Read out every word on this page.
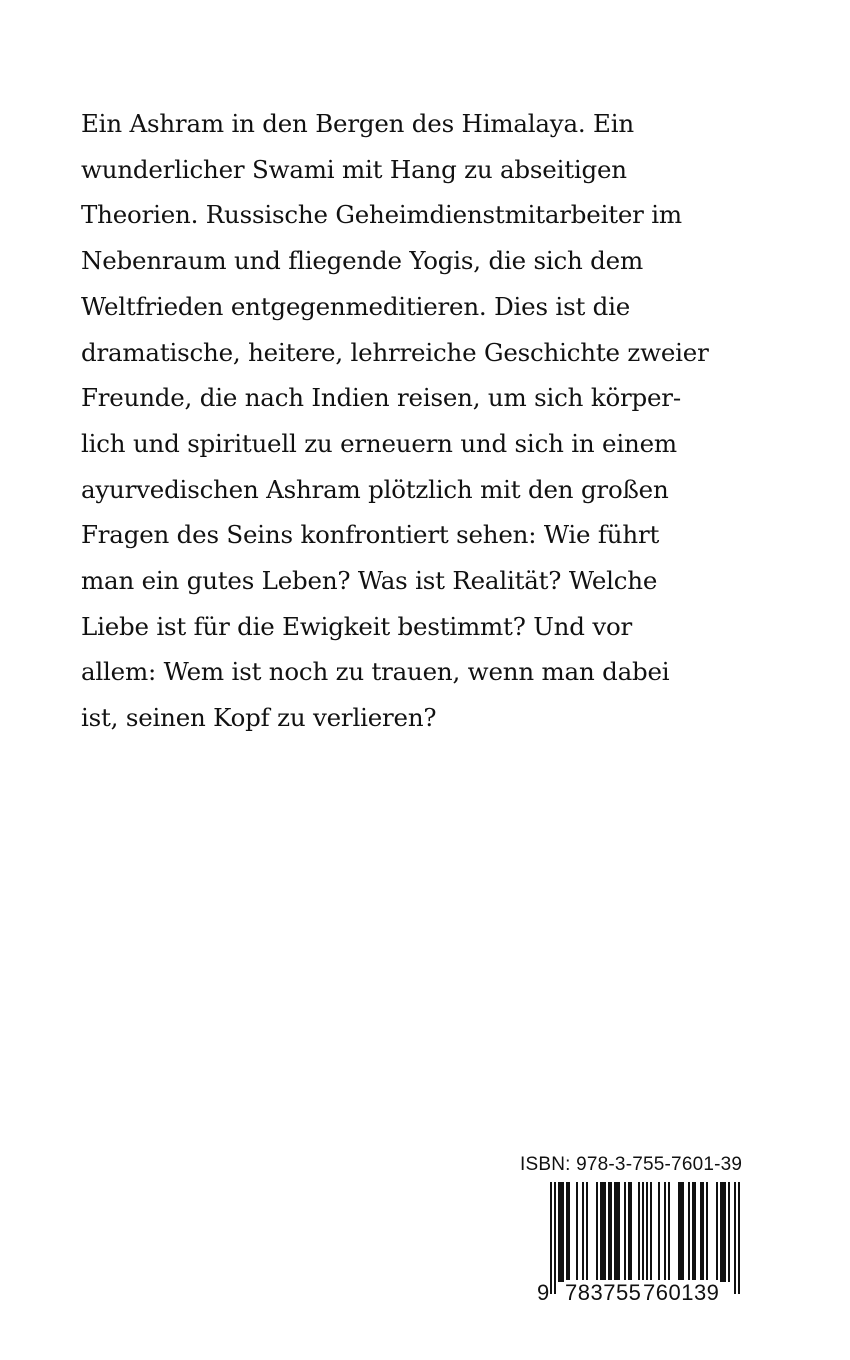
Ein Ashram in den Bergen des Himalaya. Ein
wunderlicher Swami mit Hang zu abseitigen
Theorien. Russische Geheimdienstmitarbeiter im
Nebenraum und fliegende Yogis, die sich dem
Weltfrieden entgegenmeditieren. Dies ist die
dramatische, heitere, lehrreiche Geschichte zweier
Freunde, die nach Indien reisen, um sich körper-
lich und spirituell zu erneuern und sich in einem
ayurvedischen Ashram plötzlich mit den großen
Fragen des Seins konfrontiert sehen: Wie führt
man ein gutes Leben? Was ist Realität? Welche
Liebe ist für die Ewigkeit bestimmt? Und vor
allem: Wem ist noch zu trauen, wenn man dabei
ist, seinen Kopf zu verlieren?
ISBN: 978-3-755-7601-39
9 783755 760139
